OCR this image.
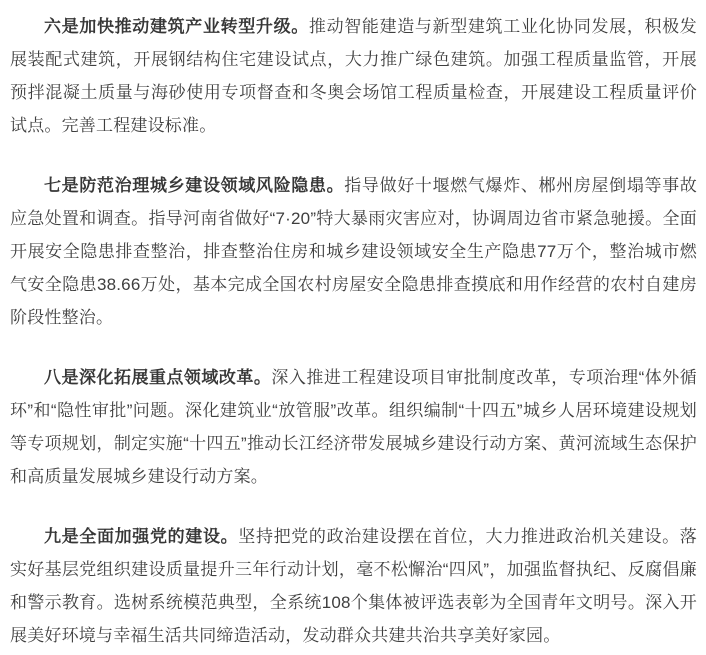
六是加快推动建筑产业转型升级。推动智能建造与新型建筑工业化协同发展，积极发展装配式建筑，开展钢结构住宅建设试点，大力推广绿色建筑。加强工程质量监管，开展预拌混凝土质量与海砂使用专项督查和冬奥会场馆工程质量检查，开展建设工程质量评价试点。完善工程建设标准。

七是防范治理城乡建设领域风险隐患。指导做好十堰燃气爆炸、郴州房屋倒塌等事故应急处置和调查。指导河南省做好“7·20”特大暴雨灾害应对，协调周边省市紧急驰援。全面开展安全隐患排查整治，排查整治住房和城乡建设领域安全生产隐患77万个，整治城市燃气安全隐患38.66万处，基本完成全国农村房屋安全隐患排查摸底和用作经营的农村自建房阶段性整治。

八是深化拓展重点领域改革。深入推进工程建设项目审批制度改革，专项治理“体外循环”和“隐性审批”问题。深化建筑业“放管服”改革。组织编制“十四五”城乡人居环境建设规划等专项规划，制定实施“十四五”推动长江经济带发展城乡建设行动方案、黄河流域生态保护和高质量发展城乡建设行动方案。

九是全面加强党的建设。坚持把党的政治建设摆在首位，大力推进政治机关建设。落实好基层党组织建设质量提升三年行动计划，毫不松懈治“四风”，加强监督执纪、反腐倡廉和警示教育。选树系统模范典型，全系统108个集体被评选表彰为全国青年文明号。深入开展美好环境与幸福生活共同缔造活动，发动群众共建共治共享美好家园。
